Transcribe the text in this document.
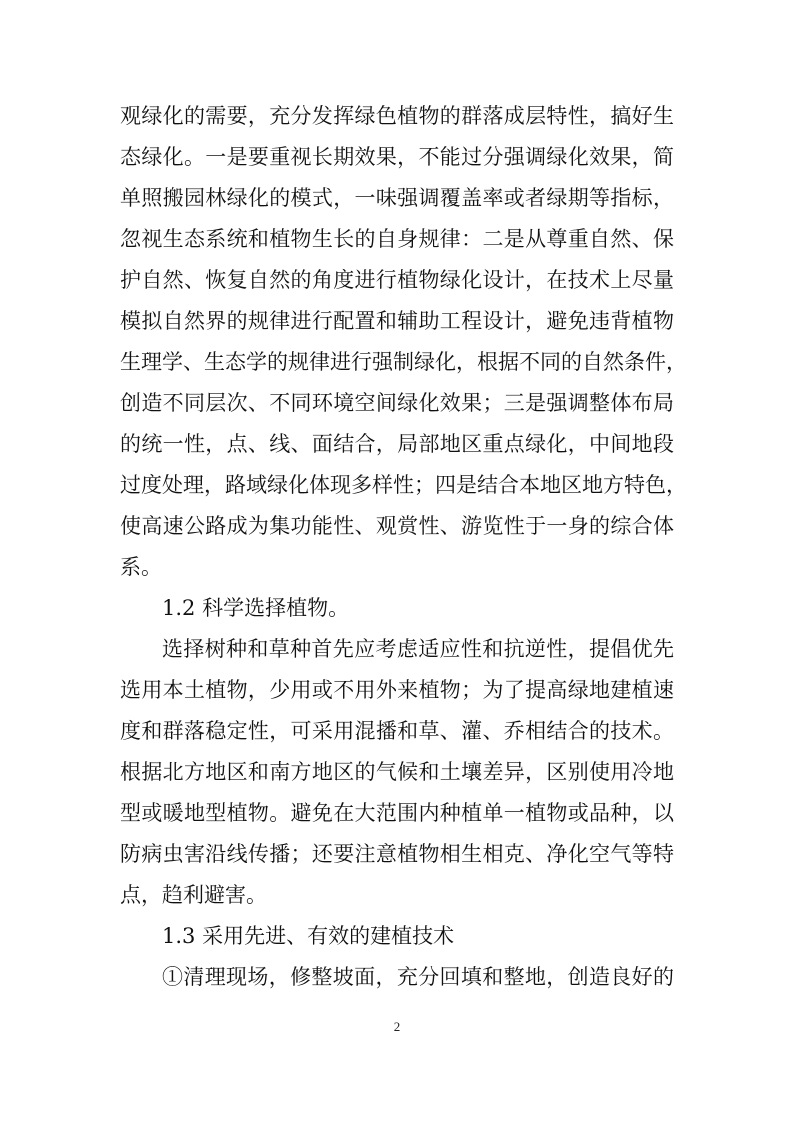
观绿化的需要，充分发挥绿色植物的群落成层特性，搞好生
态绿化。一是要重视长期效果，不能过分强调绿化效果，简
单照搬园林绿化的模式，一味强调覆盖率或者绿期等指标，
忽视生态系统和植物生长的自身规律：二是从尊重自然、保
护自然、恢复自然的角度进行植物绿化设计，在技术上尽量
模拟自然界的规律进行配置和辅助工程设计，避免违背植物
生理学、生态学的规律进行强制绿化，根据不同的自然条件，
创造不同层次、不同环境空间绿化效果；三是强调整体布局
的统一性，点、线、面结合，局部地区重点绿化，中间地段
过度处理，路域绿化体现多样性；四是结合本地区地方特色，
使高速公路成为集功能性、观赏性、游览性于一身的综合体
系。
1.2 科学选择植物。
选择树种和草种首先应考虑适应性和抗逆性，提倡优先
选用本土植物，少用或不用外来植物；为了提高绿地建植速
度和群落稳定性，可采用混播和草、灌、乔相结合的技术。
根据北方地区和南方地区的气候和土壤差异，区别使用冷地
型或暖地型植物。避免在大范围内种植单一植物或品种，以
防病虫害沿线传播；还要注意植物相生相克、净化空气等特
点，趋利避害。
1.3 采用先进、有效的建植技术
①清理现场，修整坡面，充分回填和整地，创造良好的
2
